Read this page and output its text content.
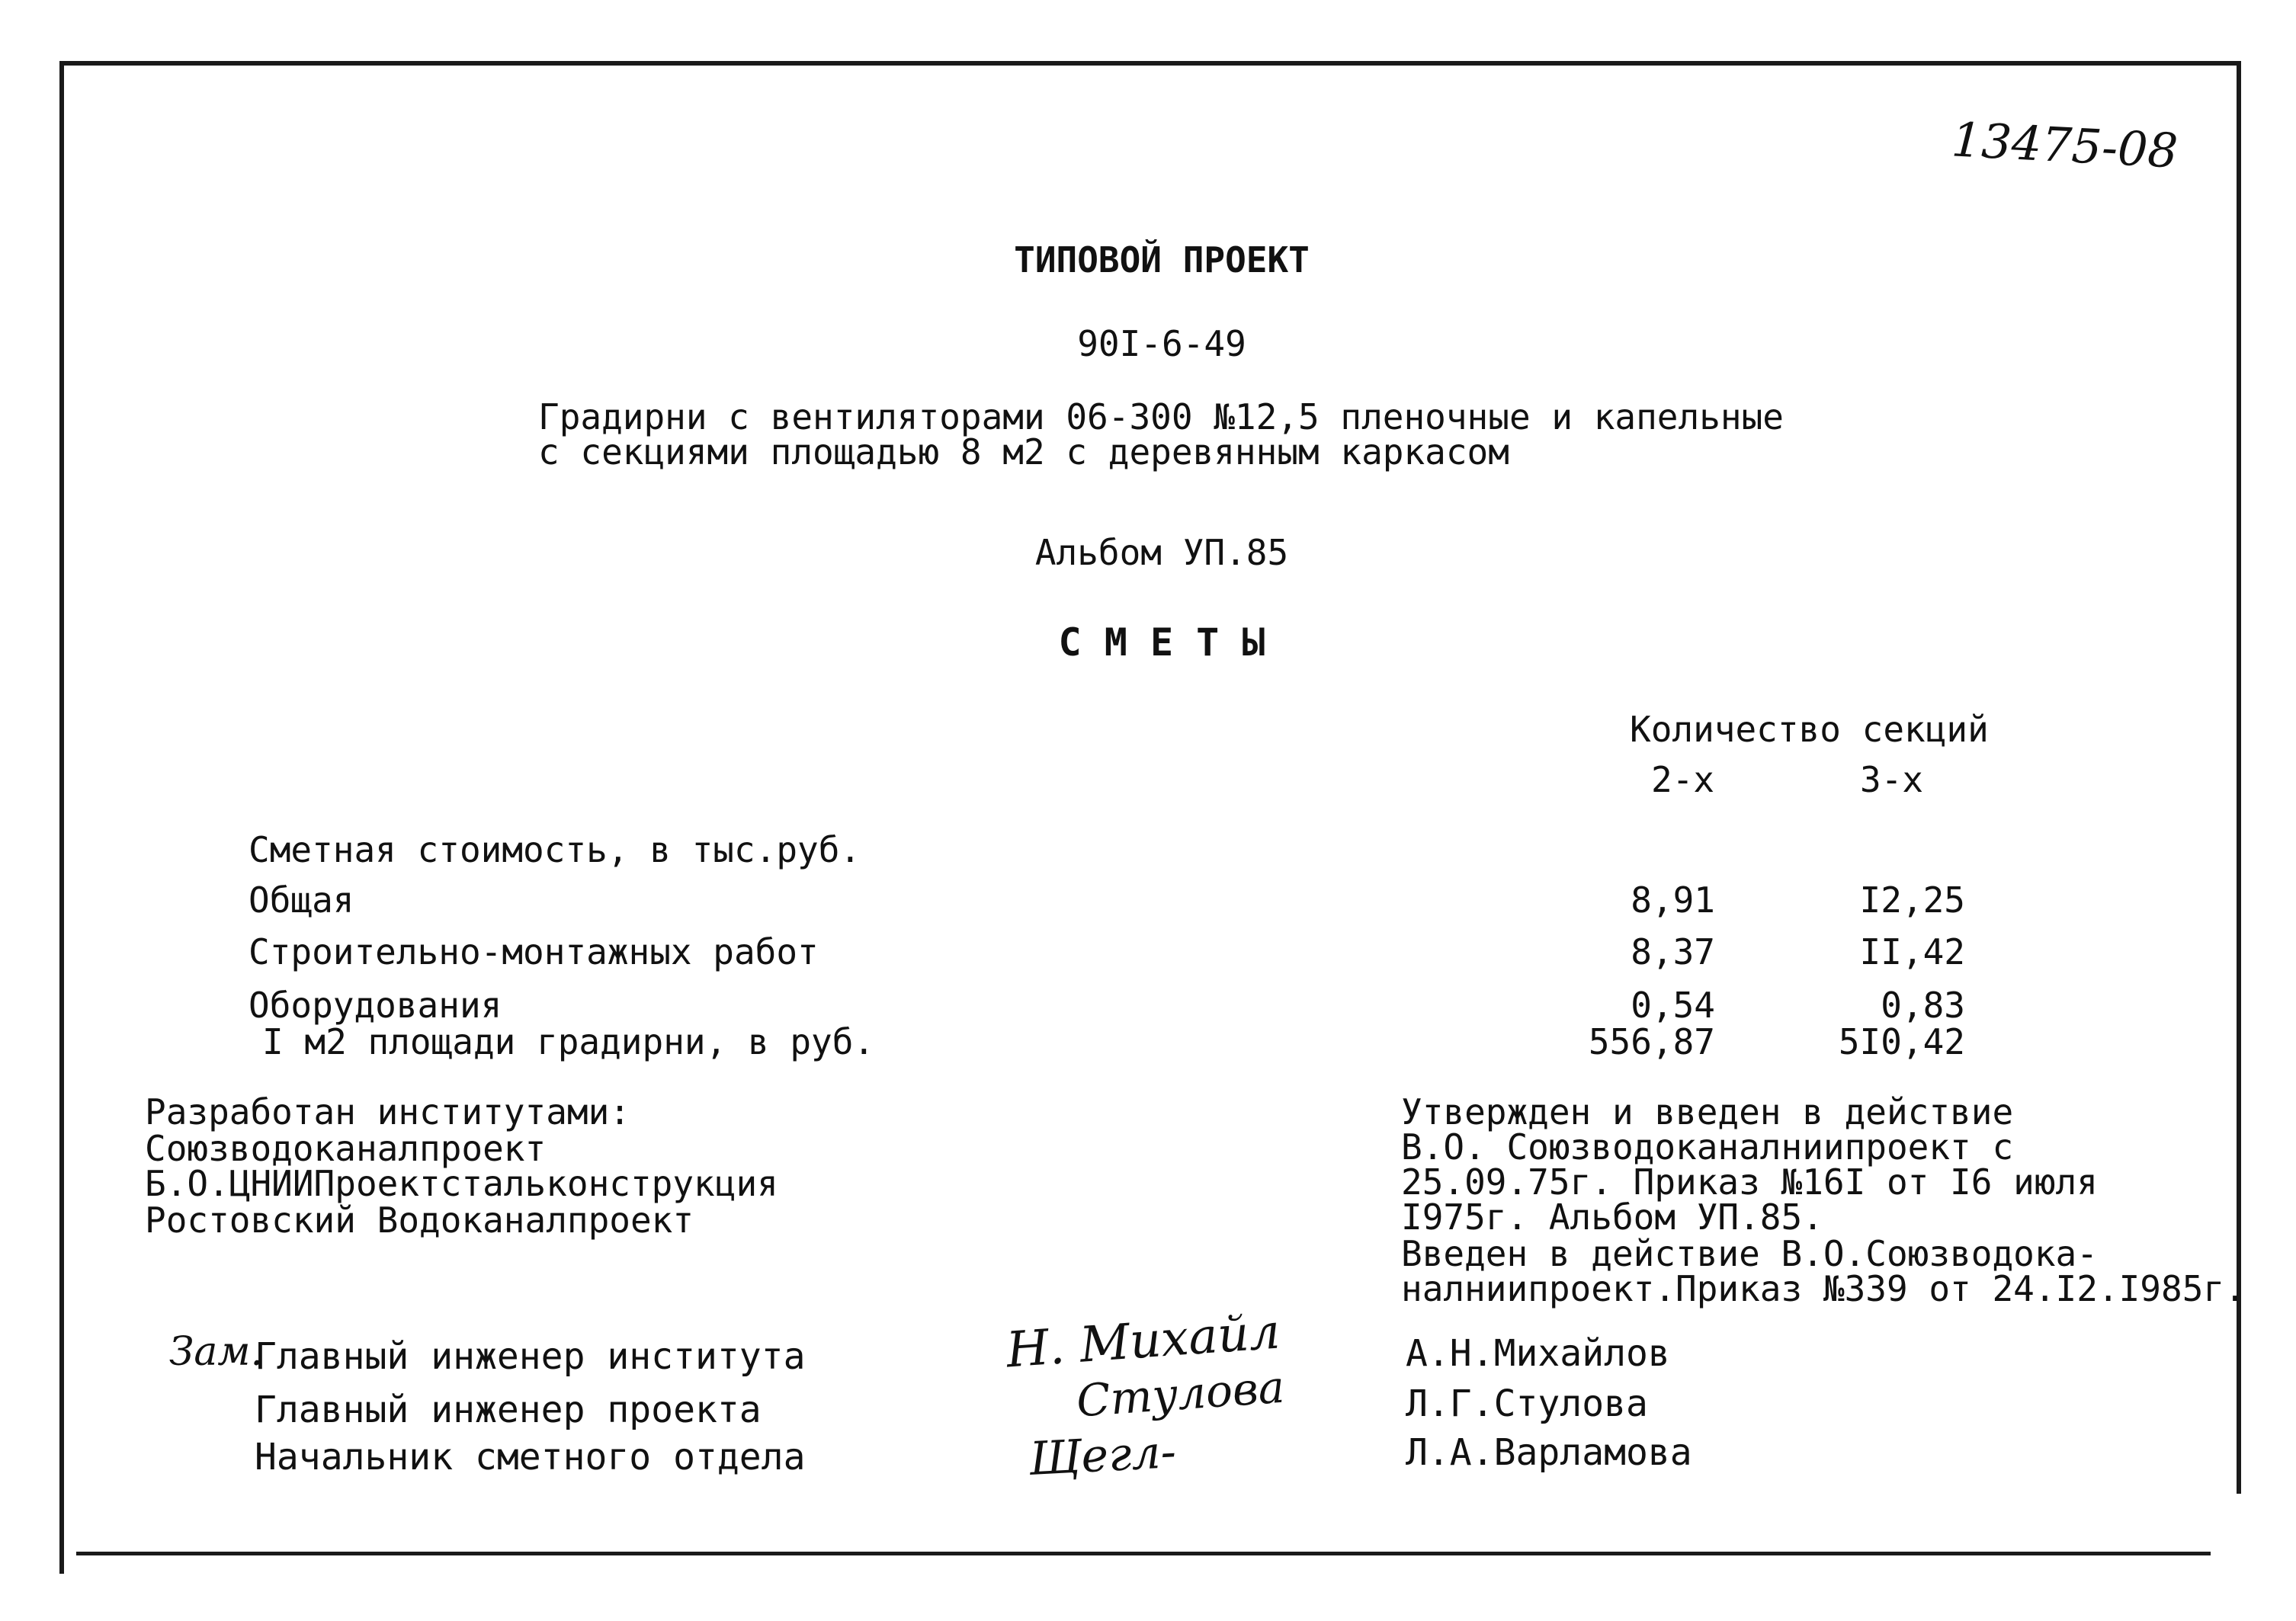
13475-08
ТИПОВОЙ ПРОЕКТ
90I-6-49
Градирни с вентиляторами 06-300 №12,5 пленочные и капельные
с секциями площадью 8 м2 с деревянным каркасом
Альбом УП.85
С М Е Т Ы
Количество секций
2-х	3-х
Сметная стоимость, в тыс.руб.
Общая	8,91	I2,25
Строительно-монтажных работ	8,37	II,42
Оборудования	0,54	0,83
I м2 площади градирни, в руб.	556,87	5I0,42
Разработан институтами:
Союзводоканалпроект
Б.О.ЦНИИПроектстальконструкция
Ростовский Водоканалпроект
Утвержден и введен в действие
В.О. Союзводоканалниипроект с
25.09.75г. Приказ №16I от I6 июля
I975г. Альбом УП.85.
Введен в действие В.О.Союзводока-
налниипроект.Приказ №339 от 24.I2.I985г.
Зам.
Главный инженер института	Н. Михайл	А.Н.Михайлов
Главный инженер проекта	Стулова	Л.Г.Стулова
Начальник сметного отдела	Щегл-	Л.А.Варламова
